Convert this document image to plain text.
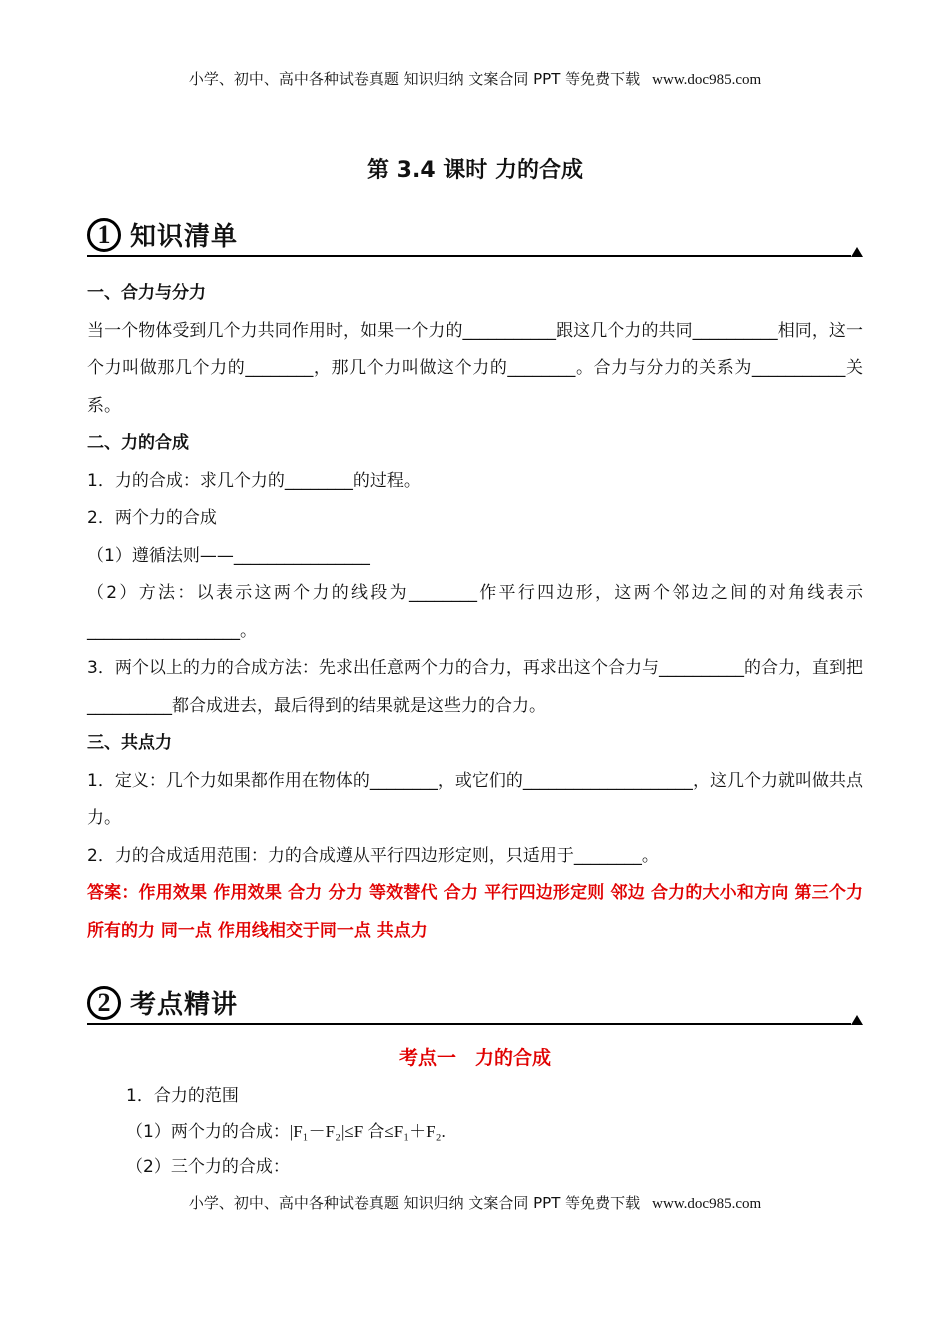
小学、初中、高中各种试卷真题 知识归纳 文案合同 PPT 等免费下载 www.doc985.com
第 3.4 课时 力的合成
1 知识清单

一、合力与分力

当一个物体受到几个力共同作用时，如果一个力的___________跟这几个力的共同__________相同，这一个力叫做那几个力的________，那几个力叫做这个力的________。合力与分力的关系为___________关系。

二、力的合成

1．力的合成：求几个力的________的过程。

2．两个力的合成

（1）遵循法则——________________

（2）方法：以表示这两个力的线段为________作平行四边形，这两个邻边之间的对角线表示__________________。

3．两个以上的力的合成方法：先求出任意两个力的合力，再求出这个合力与__________的合力，直到把__________都合成进去，最后得到的结果就是这些力的合力。

三、共点力

1．定义：几个力如果都作用在物体的________，或它们的____________________，这几个力就叫做共点力。

2．力的合成适用范围：力的合成遵从平行四边形定则，只适用于________。

答案：作用效果 作用效果 合力 分力 等效替代 合力 平行四边形定则 邻边 合力的大小和方向 第三个力 所有的力 同一点 作用线相交于同一点 共点力

2 考点精讲
考点一　力的合成

1．合力的范围

（1）两个力的合成：|F₁－F₂|≤F 合≤F₁＋F₂.

（2）三个力的合成：

小学、初中、高中各种试卷真题 知识归纳 文案合同 PPT 等免费下载 www.doc985.com
